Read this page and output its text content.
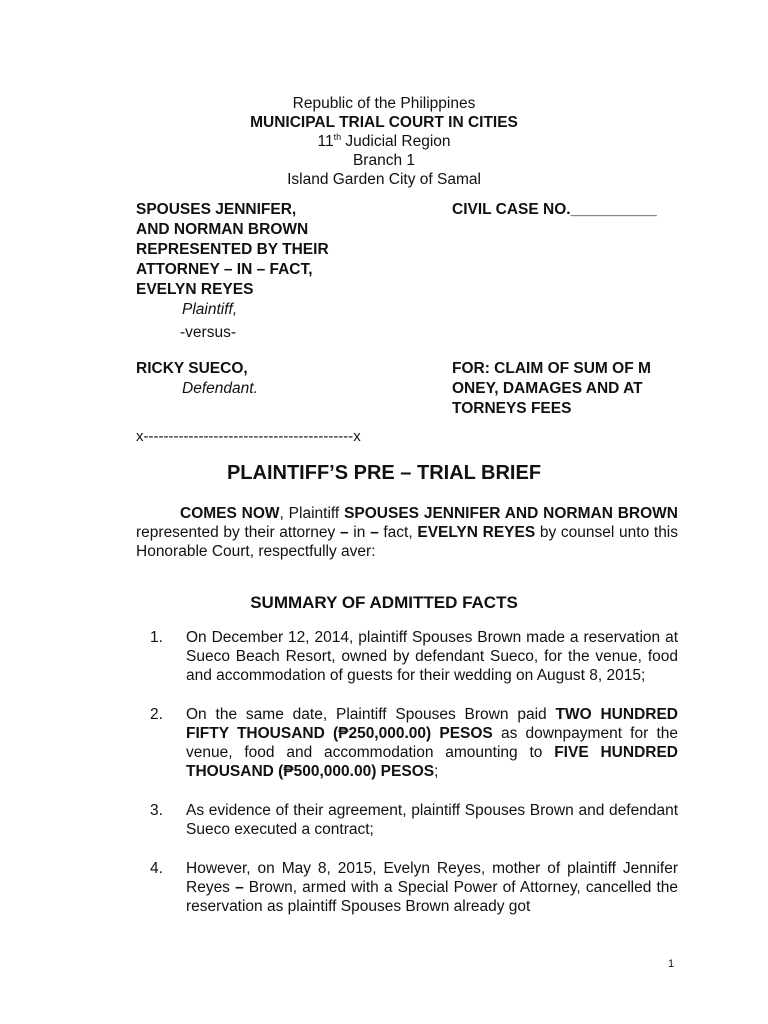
Republic of the Philippines
MUNICIPAL TRIAL COURT IN CITIES
11th Judicial Region
Branch 1
Island Garden City of Samal
SPOUSES JENNIFER,
AND NORMAN BROWN
REPRESENTED BY THEIR
ATTORNEY – IN – FACT,
EVELYN REYES
Plaintiff,
CIVIL CASE NO.__________
-versus-
RICKY SUECO,
Defendant.
FOR: CLAIM OF SUM OF M
ONEY, DAMAGES AND AT
TORNEYS FEES
x------------------------------------------x
PLAINTIFF’S PRE – TRIAL BRIEF
COMES NOW, Plaintiff SPOUSES JENNIFER AND NORMAN BROWN represented by their attorney – in – fact, EVELYN REYES by counsel unto this Honorable Court, respectfully aver:
SUMMARY OF ADMITTED FACTS
1.	On December 12, 2014, plaintiff Spouses Brown made a reservation at Sueco Beach Resort, owned by defendant Sueco, for the venue, food and accommodation of guests for their wedding on August 8, 2015;
2.	On the same date, Plaintiff Spouses Brown paid TWO HUNDRED FIFTY THOUSAND (₱250,000.00) PESOS as downpayment for the venue, food and accommodation amounting to FIVE HUNDRED THOUSAND (₱500,000.00) PESOS;
3.	As evidence of their agreement, plaintiff Spouses Brown and defendant Sueco executed a contract;
4.	However, on May 8, 2015, Evelyn Reyes, mother of plaintiff Jennifer Reyes – Brown, armed with a Special Power of Attorney, cancelled the reservation as plaintiff Spouses Brown already got
1
